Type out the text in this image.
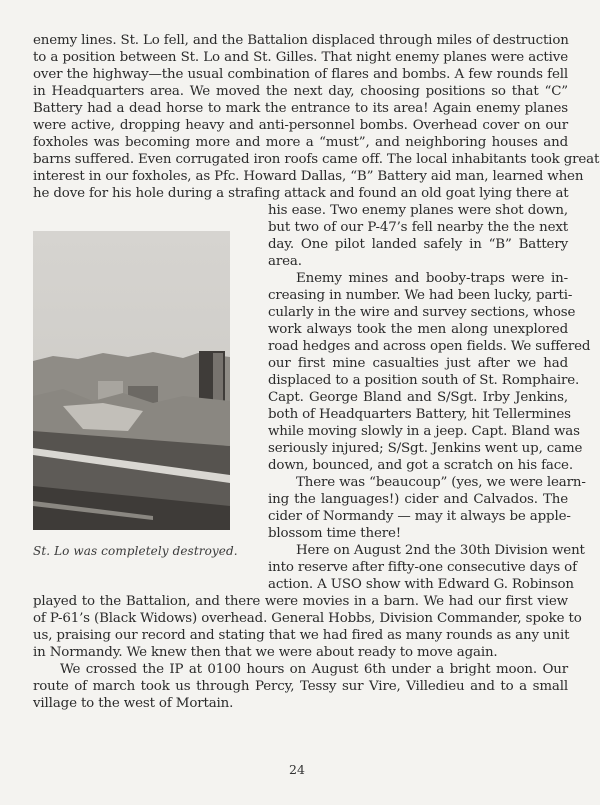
enemy lines. St. Lo fell, and the Battalion displaced through miles of destruction
to a position between St. Lo and St. Gilles. That night enemy planes were active
over the highway—the usual combination of flares and bombs. A few rounds fell
in Headquarters area. We moved the next day, choosing positions so that “C”
Battery had a dead horse to mark the entrance to its area! Again enemy planes
were active, dropping heavy and anti-personnel bombs. Overhead cover on our
foxholes was becoming more and more a “must”, and neighboring houses and
barns suffered. Even corrugated iron roofs came off. The local inhabitants took great
interest in our foxholes, as Pfc. Howard Dallas, “B” Battery aid man, learned when
he dove for his hole during a strafing attack and found an old goat lying there at
his ease. Two enemy planes were shot down,
but two of our P-47’s fell nearby the the next
day. One pilot landed safely in “B” Battery
area.
Enemy mines and booby-traps were in-
creasing in number. We had been lucky, parti-
cularly in the wire and survey sections, whose
work always took the men along unexplored
road hedges and across open fields. We suffered
our first mine casualties just after we had
displaced to a position south of St. Romphaire.
Capt. George Bland and S/Sgt. Irby Jenkins,
both of Headquarters Battery, hit Tellermines
while moving slowly in a jeep. Capt. Bland was
seriously injured; S/Sgt. Jenkins went up, came
down, bounced, and got a scratch on his face.
There was “beaucoup” (yes, we were learn-
ing the languages!) cider and Calvados. The
cider of Normandy — may it always be apple-
blossom time there!
Here on August 2nd the 30th Division went
into reserve after fifty-one consecutive days of
action. A USO show with Edward G. Robinson
St. Lo was completely destroyed.
played to the Battalion, and there were movies in a barn. We had our first view
of P-61’s (Black Widows) overhead. General Hobbs, Division Commander, spoke to
us, praising our record and stating that we had fired as many rounds as any unit
in Normandy. We knew then that we were about ready to move again.
We crossed the IP at 0100 hours on August 6th under a bright moon. Our
route of march took us through Percy, Tessy sur Vire, Villedieu and to a small
village to the west of Mortain.
24
